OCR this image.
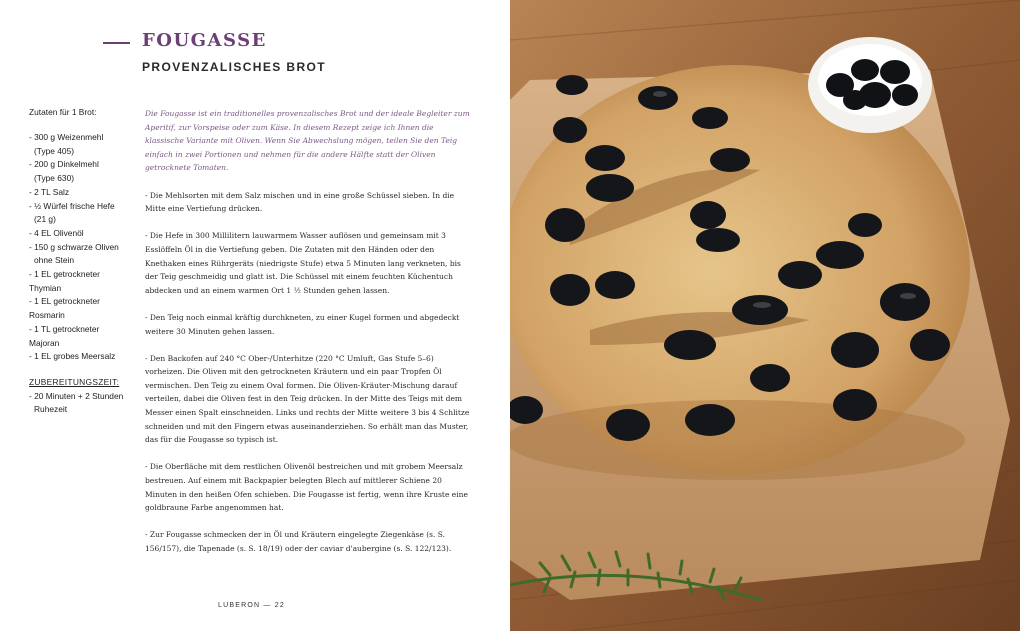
FOUGASSE
PROVENZALISCHES BROT
Zutaten für 1 Brot:
- 300 g Weizenmehl
(Type 405)
- 200 g Dinkelmehl
(Type 630)
- 2 TL Salz
- ½ Würfel frische Hefe
(21 g)
- 4 EL Olivenöl
- 150 g schwarze Oliven
ohne Stein
- 1 EL getrockneter Thymian
- 1 EL getrockneter Rosmarin
- 1 TL getrockneter Majoran
- 1 EL grobes Meersalz
ZUBEREITUNGSZEIT:
- 20 Minuten + 2 Stunden
Ruhezeit

Die Fougasse ist ein traditionelles provenzalisches Brot und der ideale Begleiter zum Aperitif, zur Vorspeise oder zum Käse. In diesem Rezept zeige ich Ihnen die klassische Variante mit Oliven. Wenn Sie Abwechslung mögen, teilen Sie den Teig einfach in zwei Portionen und nehmen für die andere Hälfte statt der Oliven getrocknete Tomaten.

- Die Mehlsorten mit dem Salz mischen und in eine große Schüssel sieben. In die Mitte eine Vertiefung drücken.

- Die Hefe in 300 Millilitern lauwarmem Wasser auflösen und gemeinsam mit 3 Esslöffeln Öl in die Vertiefung geben. Die Zutaten mit den Händen oder den Knethaken eines Rührgeräts (niedrigste Stufe) etwa 5 Minuten lang verkneten, bis der Teig geschmeidig und glatt ist. Die Schüssel mit einem feuchten Küchentuch abdecken und an einem warmen Ort 1 ½ Stunden gehen lassen.

- Den Teig noch einmal kräftig durchkneten, zu einer Kugel formen und abgedeckt weitere 30 Minuten gehen lassen.

- Den Backofen auf 240 °C Ober-/Unterhitze (220 °C Umluft, Gas Stufe 5–6) vorheizen. Die Oliven mit den getrockneten Kräutern und ein paar Tropfen Öl vermischen. Den Teig zu einem Oval formen. Die Oliven-Kräuter-Mischung darauf verteilen, dabei die Oliven fest in den Teig drücken. In der Mitte des Teigs mit dem Messer einen Spalt einschneiden. Links und rechts der Mitte weitere 3 bis 4 Schlitze schneiden und mit den Fingern etwas auseinanderziehen. So erhält man das Muster, das für die Fougasse so typisch ist.

- Die Oberfläche mit dem restlichen Olivenöl bestreichen und mit grobem Meersalz bestreuen. Auf einem mit Backpapier belegten Blech auf mittlerer Schiene 20 Minuten in den heißen Ofen schieben. Die Fougasse ist fertig, wenn ihre Kruste eine goldbraune Farbe angenommen hat.

- Zur Fougasse schmecken der in Öl und Kräutern eingelegte Ziegenkäse (s. S. 156/157), die Tapenade (s. S. 18/19) oder der caviar d'aubergine (s. S. 122/123).

LUBERON — 22
